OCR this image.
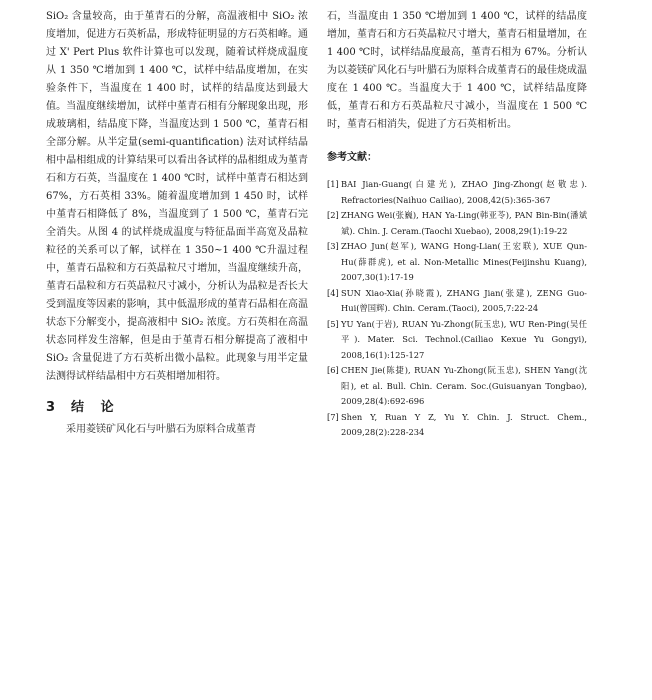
SiO₂ 含量较高，由于堇青石的分解，高温液相中 SiO₂ 浓度增加，促进方石英析晶，形成特征明显的方石英相峰。通过 X' Pert Plus 软件计算也可以发现，随着试样烧成温度从 1 350 ℃增加到 1 400 ℃，试样中结晶度增加，在实验条件下，当温度在 1 400 时，试样的结晶度达到最大值。当温度继续增加，试样中堇青石相有分解现象出现，形成玻璃相，结晶度下降，当温度达到 1 500 ℃，堇青石相全部分解。从半定量(semi-quantification) 法对试样结晶相中晶相组成的计算结果可以看出各试样的晶相组成为堇青石和方石英，当温度在 1 400 ℃时，试样中堇青石相达到 67%，方石英相 33%。随着温度增加到 1 450 时，试样中堇青石相降低了 8%，当温度到了 1 500 ℃，堇青石完全消失。从图 4 的试样烧成温度与特征晶面半高宽及晶粒粒径的关系可以了解，试样在 1 350~1 400 ℃升温过程中，堇青石晶粒和方石英晶粒尺寸增加，当温度继续升高，堇青石晶粒和方石英晶粒尺寸减小，分析认为晶粒是否长大受到温度等因素的影响，其中低温形成的堇青石晶相在高温状态下分解变小，提高液相中 SiO₂ 浓度。方石英相在高温状态同样发生溶解，但是由于堇青石相分解提高了液相中 SiO₂ 含量促进了方石英析出微小晶粒。此现象与用半定量法测得试样结晶相中方石英相增加相符。

3 结 论

采用菱镁矿风化石与叶腊石为原料合成堇青

石，当温度由 1 350 ℃增加到 1 400 ℃，试样的结晶度增加，堇青石和方石英晶粒尺寸增大，堇青石相量增加，在 1 400 ℃时，试样结晶度最高，堇青石相为 67%。分析认为以菱镁矿风化石与叶腊石为原料合成堇青石的最佳烧成温度在 1 400 ℃。当温度大于 1 400 ℃，试样结晶度降低，堇青石和方石英晶粒尺寸减小，当温度在 1 500 ℃时，堇青石相消失，促进了方石英相析出。

参考文献：
[1] BAI Jian-Guang(白建光), ZHAO Jing-Zhong(赵敬忠). Refractories(Naihuo Cailiao), 2008,42(5):365-367
[2] ZHANG Wei(张巍), HAN Ya-Ling(韩亚苓), PAN Bin-Bin(潘斌斌). Chin. J. Ceram.(Taochi Xuebao), 2008,29(1):19-22
[3] ZHAO Jun(赵军), WANG Hong-Lian(王宏联), XUE Qun-Hu(薛群虎), et al. Non-Metallic Mines(Feijinshu Kuang), 2007,30(1):17-19
[4] SUN Xiao-Xia(孙晓霞), ZHANG Jian(张建), ZENG Guo-Hui(曾国辉). Chin. Ceram.(Taoci), 2005,7:22-24
[5] YU Yan(于岩), RUAN Yu-Zhong(阮玉忠), WU Ren-Ping(吴任平). Mater. Sci. Technol.(Cailiao Kexue Yu Gongyi), 2008,16(1):125-127
[6] CHEN Jie(陈捷), RUAN Yu-Zhong(阮玉忠), SHEN Yang(沈阳), et al. Bull. Chin. Ceram. Soc.(Guisuanyan Tongbao), 2009,28(4):692-696
[7] Shen Y, Ruan Y Z, Yu Y. Chin. J. Struct. Chem., 2009,28(2):228-234
